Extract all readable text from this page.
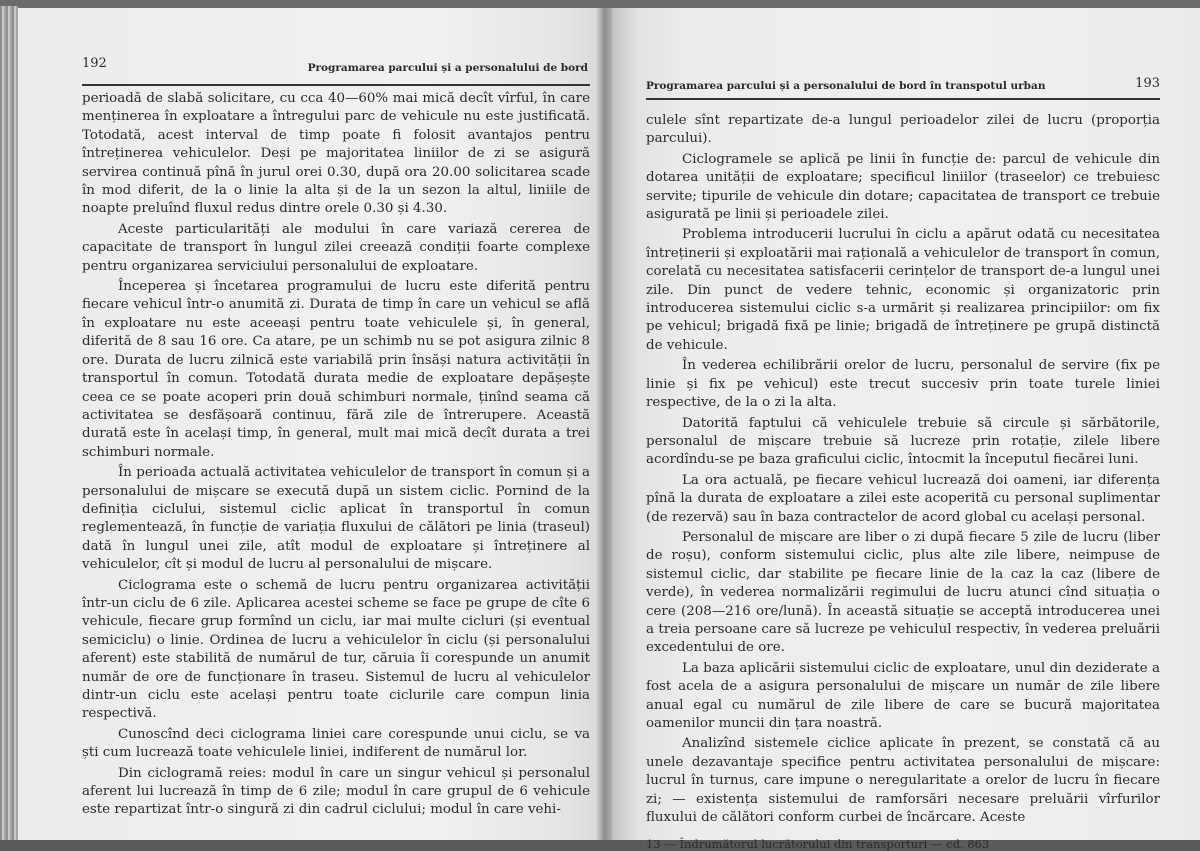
192	Programarea parcului și a personalului de bord

perioadă de slabă solicitare, cu cca 40—60% mai mică decît vîrful, în care menținerea în exploatare a întregului parc de vehicule nu este justificată. Totodată, acest interval de timp poate fi folosit avantajos pentru întreținerea vehiculelor. Deși pe majoritatea liniilor de zi se asigură servirea continuă pînă în jurul orei 0.30, după ora 20.00 solicitarea scade în mod diferit, de la o linie la alta și de la un sezon la altul, liniile de noapte preluînd fluxul redus dintre orele 0.30 și 4.30.

Aceste particularități ale modului în care variază cererea de capacitate de transport în lungul zilei creează condiții foarte complexe pentru organizarea serviciului personalului de exploatare.

Începerea și încetarea programului de lucru este diferită pentru fiecare vehicul într-o anumită zi. Durata de timp în care un vehicul se află în exploatare nu este aceeași pentru toate vehiculele și, în general, diferită de 8 sau 16 ore. Ca atare, pe un schimb nu se pot asigura zilnic 8 ore. Durata de lucru zilnică este variabilă prin însăși natura activității în transportul în comun. Totodată durata medie de exploatare depășește ceea ce se poate acoperi prin două schimburi normale, ținînd seama că activitatea se desfășoară continuu, fără zile de întrerupere. Această durată este în același timp, în general, mult mai mică decît durata a trei schimburi normale.

În perioada actuală activitatea vehiculelor de transport în comun și a personalului de mișcare se execută după un sistem ciclic. Pornind de la definiția ciclului, sistemul ciclic aplicat în transportul în comun reglementează, în funcție de variația fluxului de călători pe linia (traseul) dată în lungul unei zile, atît modul de exploatare și întreținere al vehiculelor, cît și modul de lucru al personalului de mișcare.

Ciclograma este o schemă de lucru pentru organizarea activității într-un ciclu de 6 zile. Aplicarea acestei scheme se face pe grupe de cîte 6 vehicule, fiecare grup formînd un ciclu, iar mai multe cicluri (și eventual semiciclu) o linie. Ordinea de lucru a vehiculelor în ciclu (și personalului aferent) este stabilită de numărul de tur, căruia îi corespunde un anumit număr de ore de funcționare în traseu. Sistemul de lucru al vehiculelor dintr-un ciclu este același pentru toate ciclurile care compun linia respectivă.

Cunoscînd deci ciclograma liniei care corespunde unui ciclu, se va ști cum lucrează toate vehiculele liniei, indiferent de numărul lor.

Din ciclogramă reies: modul în care un singur vehicul și personalul aferent lui lucrează în timp de 6 zile; modul în care grupul de 6 vehicule este repartizat într-o singură zi din cadrul ciclului; modul în care vehi-

Programarea parcului și a personalului de bord în transpotul urban	193

culele sînt repartizate de-a lungul perioadelor zilei de lucru (proporția parcului).

Ciclogramele se aplică pe linii în funcție de: parcul de vehicule din dotarea unității de exploatare; specificul liniilor (traseelor) ce trebuiesc servite; tipurile de vehicule din dotare; capacitatea de transport ce trebuie asigurată pe linii și perioadele zilei.

Problema introducerii lucrului în ciclu a apărut odată cu necesitatea întreținerii și exploatării mai rațională a vehiculelor de transport în comun, corelată cu necesitatea satisfacerii cerințelor de transport de-a lungul unei zile. Din punct de vedere tehnic, economic și organizatoric prin introducerea sistemului ciclic s-a urmărit și realizarea principiilor: om fix pe vehicul; brigadă fixă pe linie; brigadă de întreținere pe grupă distinctă de vehicule.

În vederea echilibrării orelor de lucru, personalul de servire (fix pe linie și fix pe vehicul) este trecut succesiv prin toate turele liniei respective, de la o zi la alta.

Datorită faptului că vehiculele trebuie să circule și sărbătorile, personalul de mișcare trebuie să lucreze prin rotație, zilele libere acordîndu-se pe baza graficului ciclic, întocmit la începutul fiecărei luni.

La ora actuală, pe fiecare vehicul lucrează doi oameni, iar diferența pînă la durata de exploatare a zilei este acoperită cu personal suplimentar (de rezervă) sau în baza contractelor de acord global cu același personal.

Personalul de mișcare are liber o zi după fiecare 5 zile de lucru (liber de roșu), conform sistemului ciclic, plus alte zile libere, neimpuse de sistemul ciclic, dar stabilite pe fiecare linie de la caz la caz (libere de verde), în vederea normalizării regimului de lucru atunci cînd situația o cere (208—216 ore/lună). În această situație se acceptă introducerea unei a treia persoane care să lucreze pe vehiculul respectiv, în vederea preluării excedentului de ore.

La baza aplicării sistemului ciclic de exploatare, unul din deziderate a fost acela de a asigura personalului de mișcare un număr de zile libere anual egal cu numărul de zile libere de care se bucură majoritatea oamenilor muncii din țara noastră.

Analizînd sistemele ciclice aplicate în prezent, se constată că au unele dezavantaje specifice pentru activitatea personalului de mișcare: lucrul în turnus, care impune o neregularitate a orelor de lucru în fiecare zi; — existența sistemului de ramforsări necesare preluării vîrfurilor fluxului de călători conform curbei de încărcare. Aceste

13 — Îndrumătorul lucrătorului din transporturi — cd. 863
